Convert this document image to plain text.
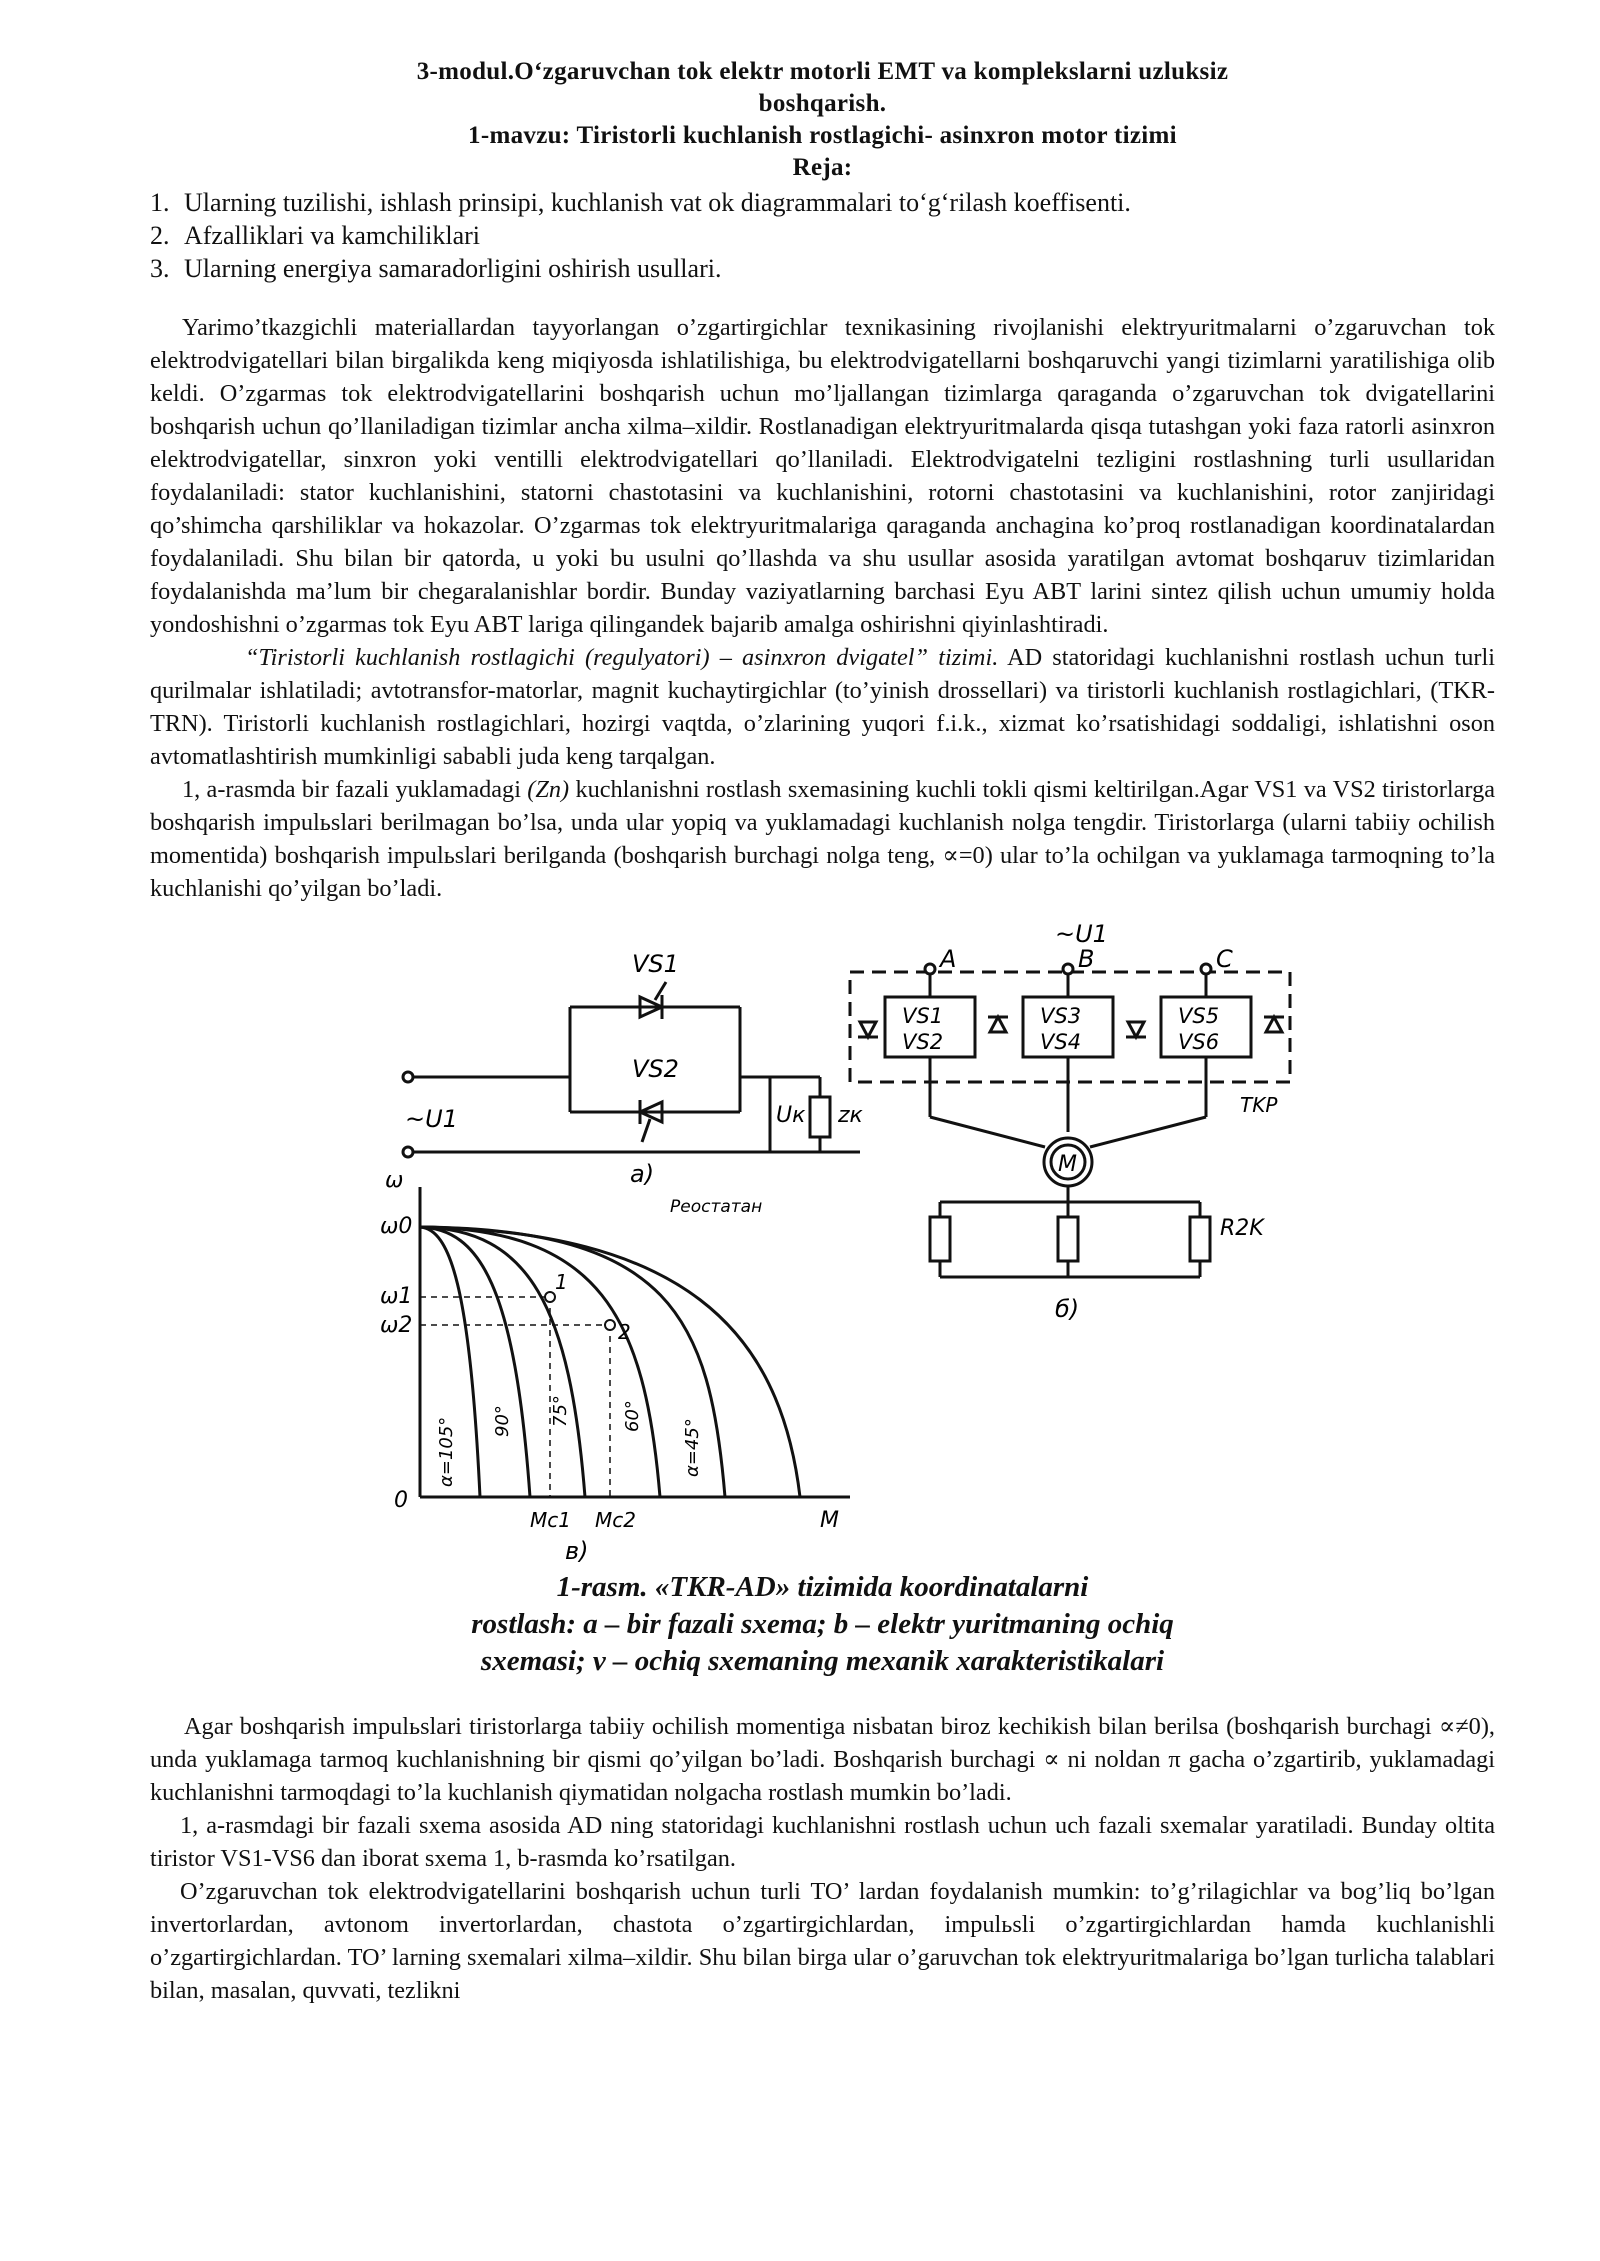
3-modul.O‘zgaruvchan tok elektr motorli EMT va komplekslarni uzluksiz
boshqarish.
1-mavzu: Tiristorli kuchlanish rostlagichi- asinxron motor tizimi
Reja:
1. Ularning tuzilishi, ishlash prinsipi, kuchlanish vat ok diagrammalari to‘g‘rilash koeffisenti.
2. Afzalliklari va kamchiliklari
3. Ularning energiya samaradorligini oshirish usullari.

Yarimo’tkazgichli materiallardan tayyorlangan o’zgartirgichlar texnikasining rivojlanishi elektryuritmalarni o’zgaruvchan tok elektrodvigatellari bilan birgalikda keng miqiyosda ishlatilishiga, bu elektrodvigatellarni boshqaruvchi yangi tizimlarni yaratilishiga olib keldi. O’zgarmas tok elektrodvigatellarini boshqarish uchun mo’ljallangan tizimlarga qaraganda o’zgaruvchan tok dvigatellarini boshqarish uchun qo’llaniladigan tizimlar ancha xilma–xildir. Rostlanadigan elektryuritmalarda qisqa tutashgan yoki faza ratorli asinxron elektrodvigatellar, sinxron yoki ventilli elektrodvigatellari qo’llaniladi. Elektrodvigatelni tezligini rostlashning turli usullaridan foydalaniladi: stator kuchlanishini, statorni chastotasini va kuchlanishini, rotorni chastotasini va kuchlanishini, rotor zanjiridagi qo’shimcha qarshiliklar va hokazolar. O’zgarmas tok elektryuritmalariga qaraganda anchagina ko’proq rostlanadigan koordinatalardan foydalaniladi. Shu bilan bir qatorda, u yoki bu usulni qo’llashda va shu usullar asosida yaratilgan avtomat boshqaruv tizimlaridan foydalanishda ma’lum bir chegaralanishlar bordir. Bunday vaziyatlarning barchasi Eyu ABT larini sintez qilish uchun umumiy holda yondoshishni o’zgarmas tok Eyu ABT lariga qilingandek bajarib amalga oshirishni qiyinlashtiradi.

“Tiristorli kuchlanish rostlagichi (regulyatori) – asinxron dvigatel” tizimi. AD statoridagi kuchlanishni rostlash uchun turli qurilmalar ishlatiladi; avtotransfor-matorlar, magnit kuchaytirgichlar (to’yinish drossellari) va tiristorli kuchlanish rostlagichlari, (TKR-TRN). Tiristorli kuchlanish rostlagichlari, hozirgi vaqtda, o’zlarining yuqori f.i.k., xizmat ko’rsatishidagi soddaligi, ishlatishni oson avtomatlashtirish mumkinligi sababli juda keng tarqalgan.

1, a-rasmda bir fazali yuklamadagi (Zn) kuchlanishni rostlash sxemasining kuchli tokli qismi keltirilgan.Agar VS1 va VS2 tiristorlarga boshqarish impulьslari berilmagan bo’lsa, unda ular yopiq va yuklamadagi kuchlanish nolga tengdir. Tiristorlarga (ularni tabiiy ochilish momentida) boshqarish impulьslari berilganda (boshqarish burchagi nolga teng, ∝=0) ular to’la ochilgan va yuklamaga tarmoqning to’la kuchlanishi qo’yilgan bo’ladi.

VS1
VS2
~U1	Uк zк
a)
~U1
A	B	C
VS1
VS2
VS3
VS4
VS5
VS6
TKP
M
R2K
б)
ω
ω0
ω1
ω2
0
M
Mc1 Mc2
Реостатан
1
2
α=105° 90° 75°	60°
α=45°
в)
1-rasm. «TKR-AD» tizimida koordinatalarni
rostlash: a – bir fazali sxema; b – elektr yuritmaning ochiq
sxemasi; v – ochiq sxemaning mexanik xarakteristikalari

Agar boshqarish impulьslari tiristorlarga tabiiy ochilish momentiga nisbatan biroz kechikish bilan berilsa (boshqarish burchagi ∝≠0), unda yuklamaga tarmoq kuchlanishning bir qismi qo’yilgan bo’ladi. Boshqarish burchagi ∝ ni noldan π gacha o’zgartirib, yuklamadagi kuchlanishni tarmoqdagi to’la kuchlanish qiymatidan nolgacha rostlash mumkin bo’ladi.

1, a-rasmdagi bir fazali sxema asosida AD ning statoridagi kuchlanishni rostlash uchun uch fazali sxemalar yaratiladi. Bunday oltita tiristor VS1-VS6 dan iborat sxema 1, b-rasmda ko’rsatilgan.

O’zgaruvchan tok elektrodvigatellarini boshqarish uchun turli TO’ lardan foydalanish mumkin: to’g’rilagichlar va bog’liq bo’lgan invertorlardan, avtonom invertorlardan, chastota o’zgartirgichlardan, impulьsli o’zgartirgichlardan hamda kuchlanishli o’zgartirgichlardan. TO’ larning sxemalari xilma–xildir. Shu bilan birga ular o’garuvchan tok elektryuritmalariga bo’lgan turlicha talablari bilan, masalan, quvvati, tezlikni
